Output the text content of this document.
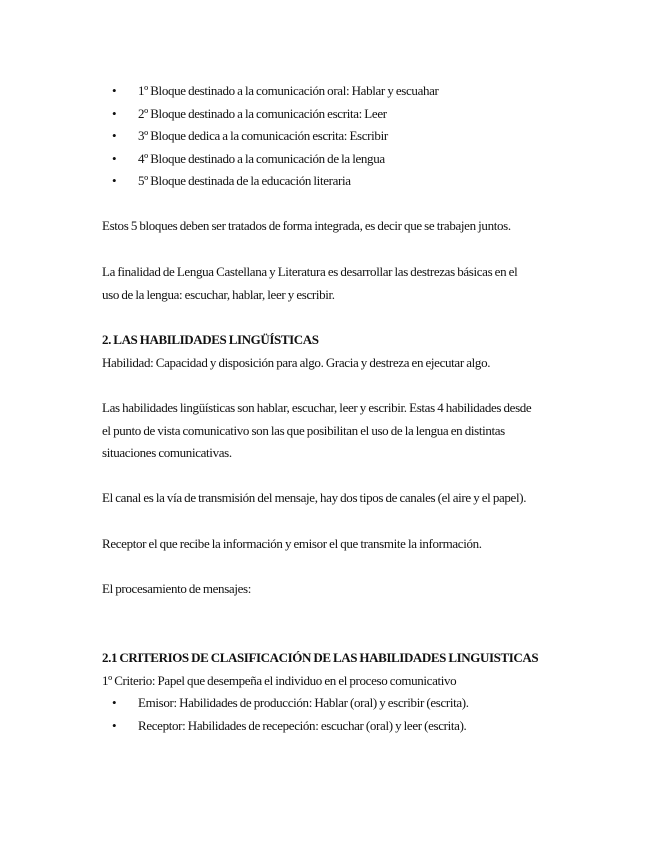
•	1º Bloque destinado a la comunicación oral: Hablar y escuahar
•	2º Bloque destinado a la comunicación escrita: Leer
•	3º Bloque dedica a la comunicación escrita: Escribir
•	4º Bloque destinado a la comunicación de la lengua
•	5º Bloque destinada de la educación literaria
Estos 5 bloques deben ser tratados de forma integrada, es decir que se trabajen juntos.
La finalidad de Lengua Castellana y Literatura es desarrollar las destrezas básicas en el
uso de la lengua: escuchar, hablar, leer y escribir.
2. LAS HABILIDADES LINGÜÍSTICAS
Habilidad: Capacidad y disposición para algo. Gracia y destreza en ejecutar algo.
Las habilidades lingüísticas son hablar, escuchar, leer y escribir. Estas 4 habilidades desde
el punto de vista comunicativo son las que posibilitan el uso de la lengua en distintas
situaciones comunicativas.
El canal es la vía de transmisión del mensaje, hay dos tipos de canales (el aire y el papel).
Receptor el que recibe la información y emisor el que transmite la información.
El procesamiento de mensajes:
2.1 CRITERIOS DE CLASIFICACIÓN DE LAS HABILIDADES LINGUISTICAS
1º Criterio: Papel que desempeña el individuo en el proceso comunicativo
•	Emisor: Habilidades de producción: Hablar (oral) y escribir (escrita).
•	Receptor: Habilidades de recepeción: escuchar (oral) y leer (escrita).
